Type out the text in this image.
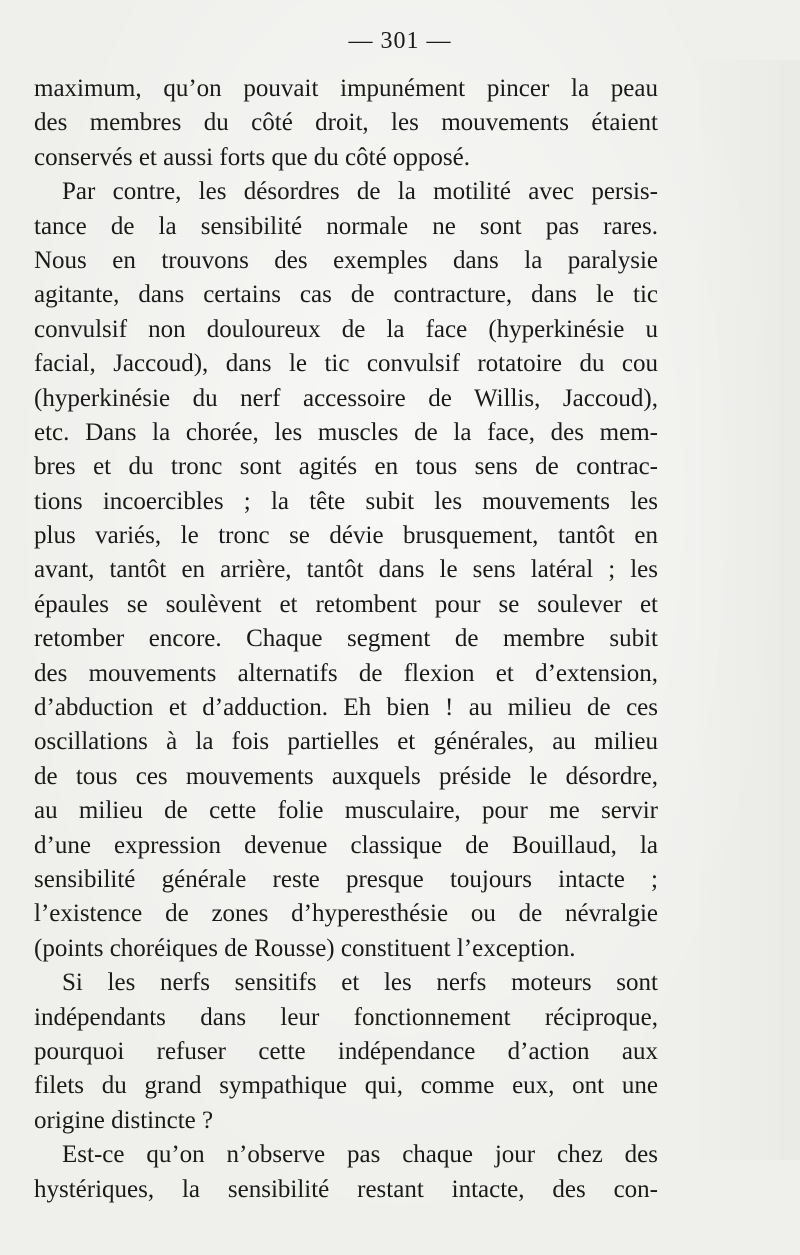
— 301 —
maximum, qu’on pouvait impunément pincer la peau
des membres du côté droit, les mouvements étaient
conservés et aussi forts que du côté opposé.
Par contre, les désordres de la motilité avec persis-
tance de la sensibilité normale ne sont pas rares.
Nous en trouvons des exemples dans la paralysie
agitante, dans certains cas de contracture, dans le tic
convulsif non douloureux de la face (hyperkinésie u
facial, Jaccoud), dans le tic convulsif rotatoire du cou
(hyperkinésie du nerf accessoire de Willis, Jaccoud),
etc. Dans la chorée, les muscles de la face, des mem-
bres et du tronc sont agités en tous sens de contrac-
tions incoercibles ; la tête subit les mouvements les
plus variés, le tronc se dévie brusquement, tantôt en
avant, tantôt en arrière, tantôt dans le sens latéral ; les
épaules se soulèvent et retombent pour se soulever et
retomber encore. Chaque segment de membre subit
des mouvements alternatifs de flexion et d’extension,
d’abduction et d’adduction. Eh bien ! au milieu de ces
oscillations à la fois partielles et générales, au milieu
de tous ces mouvements auxquels préside le désordre,
au milieu de cette folie musculaire, pour me servir
d’une expression devenue classique de Bouillaud, la
sensibilité générale reste presque toujours intacte ;
l’existence de zones d’hyperesthésie ou de névralgie
(points choréiques de Rousse) constituent l’exception.
Si les nerfs sensitifs et les nerfs moteurs sont
indépendants dans leur fonctionnement réciproque,
pourquoi refuser cette indépendance d’action aux
filets du grand sympathique qui, comme eux, ont une
origine distincte ?
Est-ce qu’on n’observe pas chaque jour chez des
hystériques, la sensibilité restant intacte, des con-
